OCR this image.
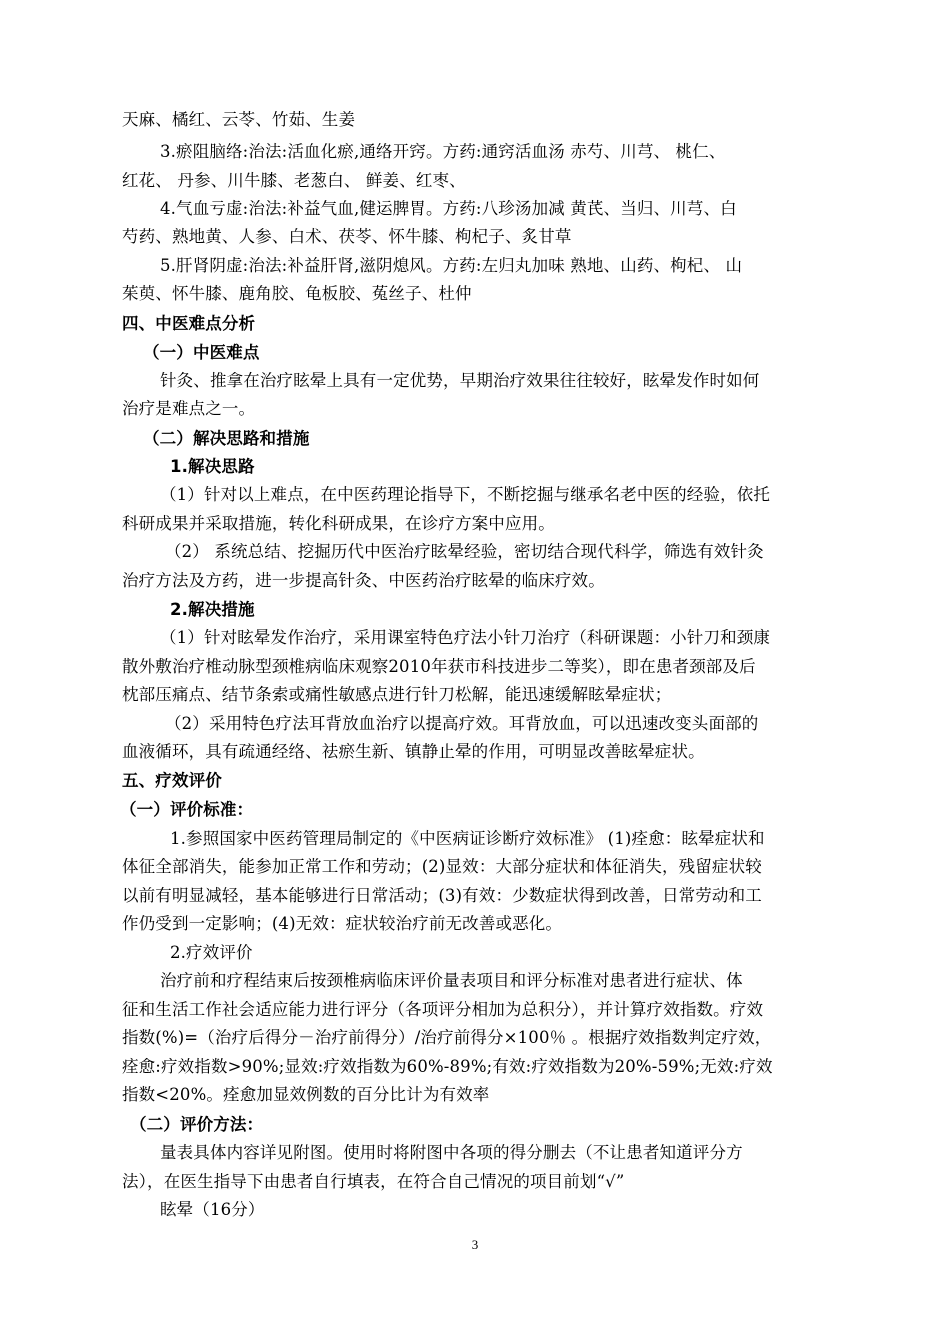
天麻、橘红、云苓、竹茹、生姜
3.瘀阻脑络:治法:活血化瘀,通络开窍。方药:通窍活血汤 赤芍、川芎、 桃仁、
红花、 丹参、川牛膝、老葱白、 鲜姜、红枣、
4.气血亏虚:治法:补益气血,健运脾胃。方药:八珍汤加减 黄芪、当归、川芎、白
芍药、熟地黄、人参、白术、茯苓、怀牛膝、枸杞子、炙甘草
5.肝肾阴虚:治法:补益肝肾,滋阴熄风。方药:左归丸加味 熟地、山药、枸杞、 山
茱萸、怀牛膝、鹿角胶、龟板胶、菟丝子、杜仲
四、中医难点分析
（一）中医难点
针灸、推拿在治疗眩晕上具有一定优势，早期治疗效果往往较好，眩晕发作时如何
治疗是难点之一。
（二）解决思路和措施
1.解决思路
（1）针对以上难点，在中医药理论指导下，不断挖掘与继承名老中医的经验，依托
科研成果并采取措施，转化科研成果，在诊疗方案中应用。
（2） 系统总结、挖掘历代中医治疗眩晕经验，密切结合现代科学，筛选有效针灸
治疗方法及方药，进一步提高针灸、中医药治疗眩晕的临床疗效。
2.解决措施
（1）针对眩晕发作治疗，采用课室特色疗法小针刀治疗（科研课题：小针刀和颈康
散外敷治疗椎动脉型颈椎病临床观察2010年获市科技进步二等奖），即在患者颈部及后
枕部压痛点、结节条索或痛性敏感点进行针刀松解，能迅速缓解眩晕症状；
（2）采用特色疗法耳背放血治疗以提高疗效。耳背放血，可以迅速改变头面部的
血液循环，具有疏通经络、祛瘀生新、镇静止晕的作用，可明显改善眩晕症状。
五、疗效评价
（一）评价标准：
1.参照国家中医药管理局制定的《中医病证诊断疗效标准》 (1)痊愈：眩晕症状和
体征全部消失，能参加正常工作和劳动；(2)显效：大部分症状和体征消失，残留症状较
以前有明显减轻，基本能够进行日常活动；(3)有效：少数症状得到改善，日常劳动和工
作仍受到一定影响；(4)无效：症状较治疗前无改善或恶化。
2.疗效评价
治疗前和疗程结束后按颈椎病临床评价量表项目和评分标准对患者进行症状、体
征和生活工作社会适应能力进行评分（各项评分相加为总积分），并计算疗效指数。疗效
指数(%)=（治疗后得分－治疗前得分）/治疗前得分×100％ 。根据疗效指数判定疗效，
痊愈:疗效指数>90%;显效:疗效指数为60%-89%;有效:疗效指数为20%-59%;无效:疗效
指数<20%。痊愈加显效例数的百分比计为有效率
（二）评价方法：
量表具体内容详见附图。使用时将附图中各项的得分删去（不让患者知道评分方
法），在医生指导下由患者自行填表，在符合自己情况的项目前划“√”
眩晕（16分）
3
